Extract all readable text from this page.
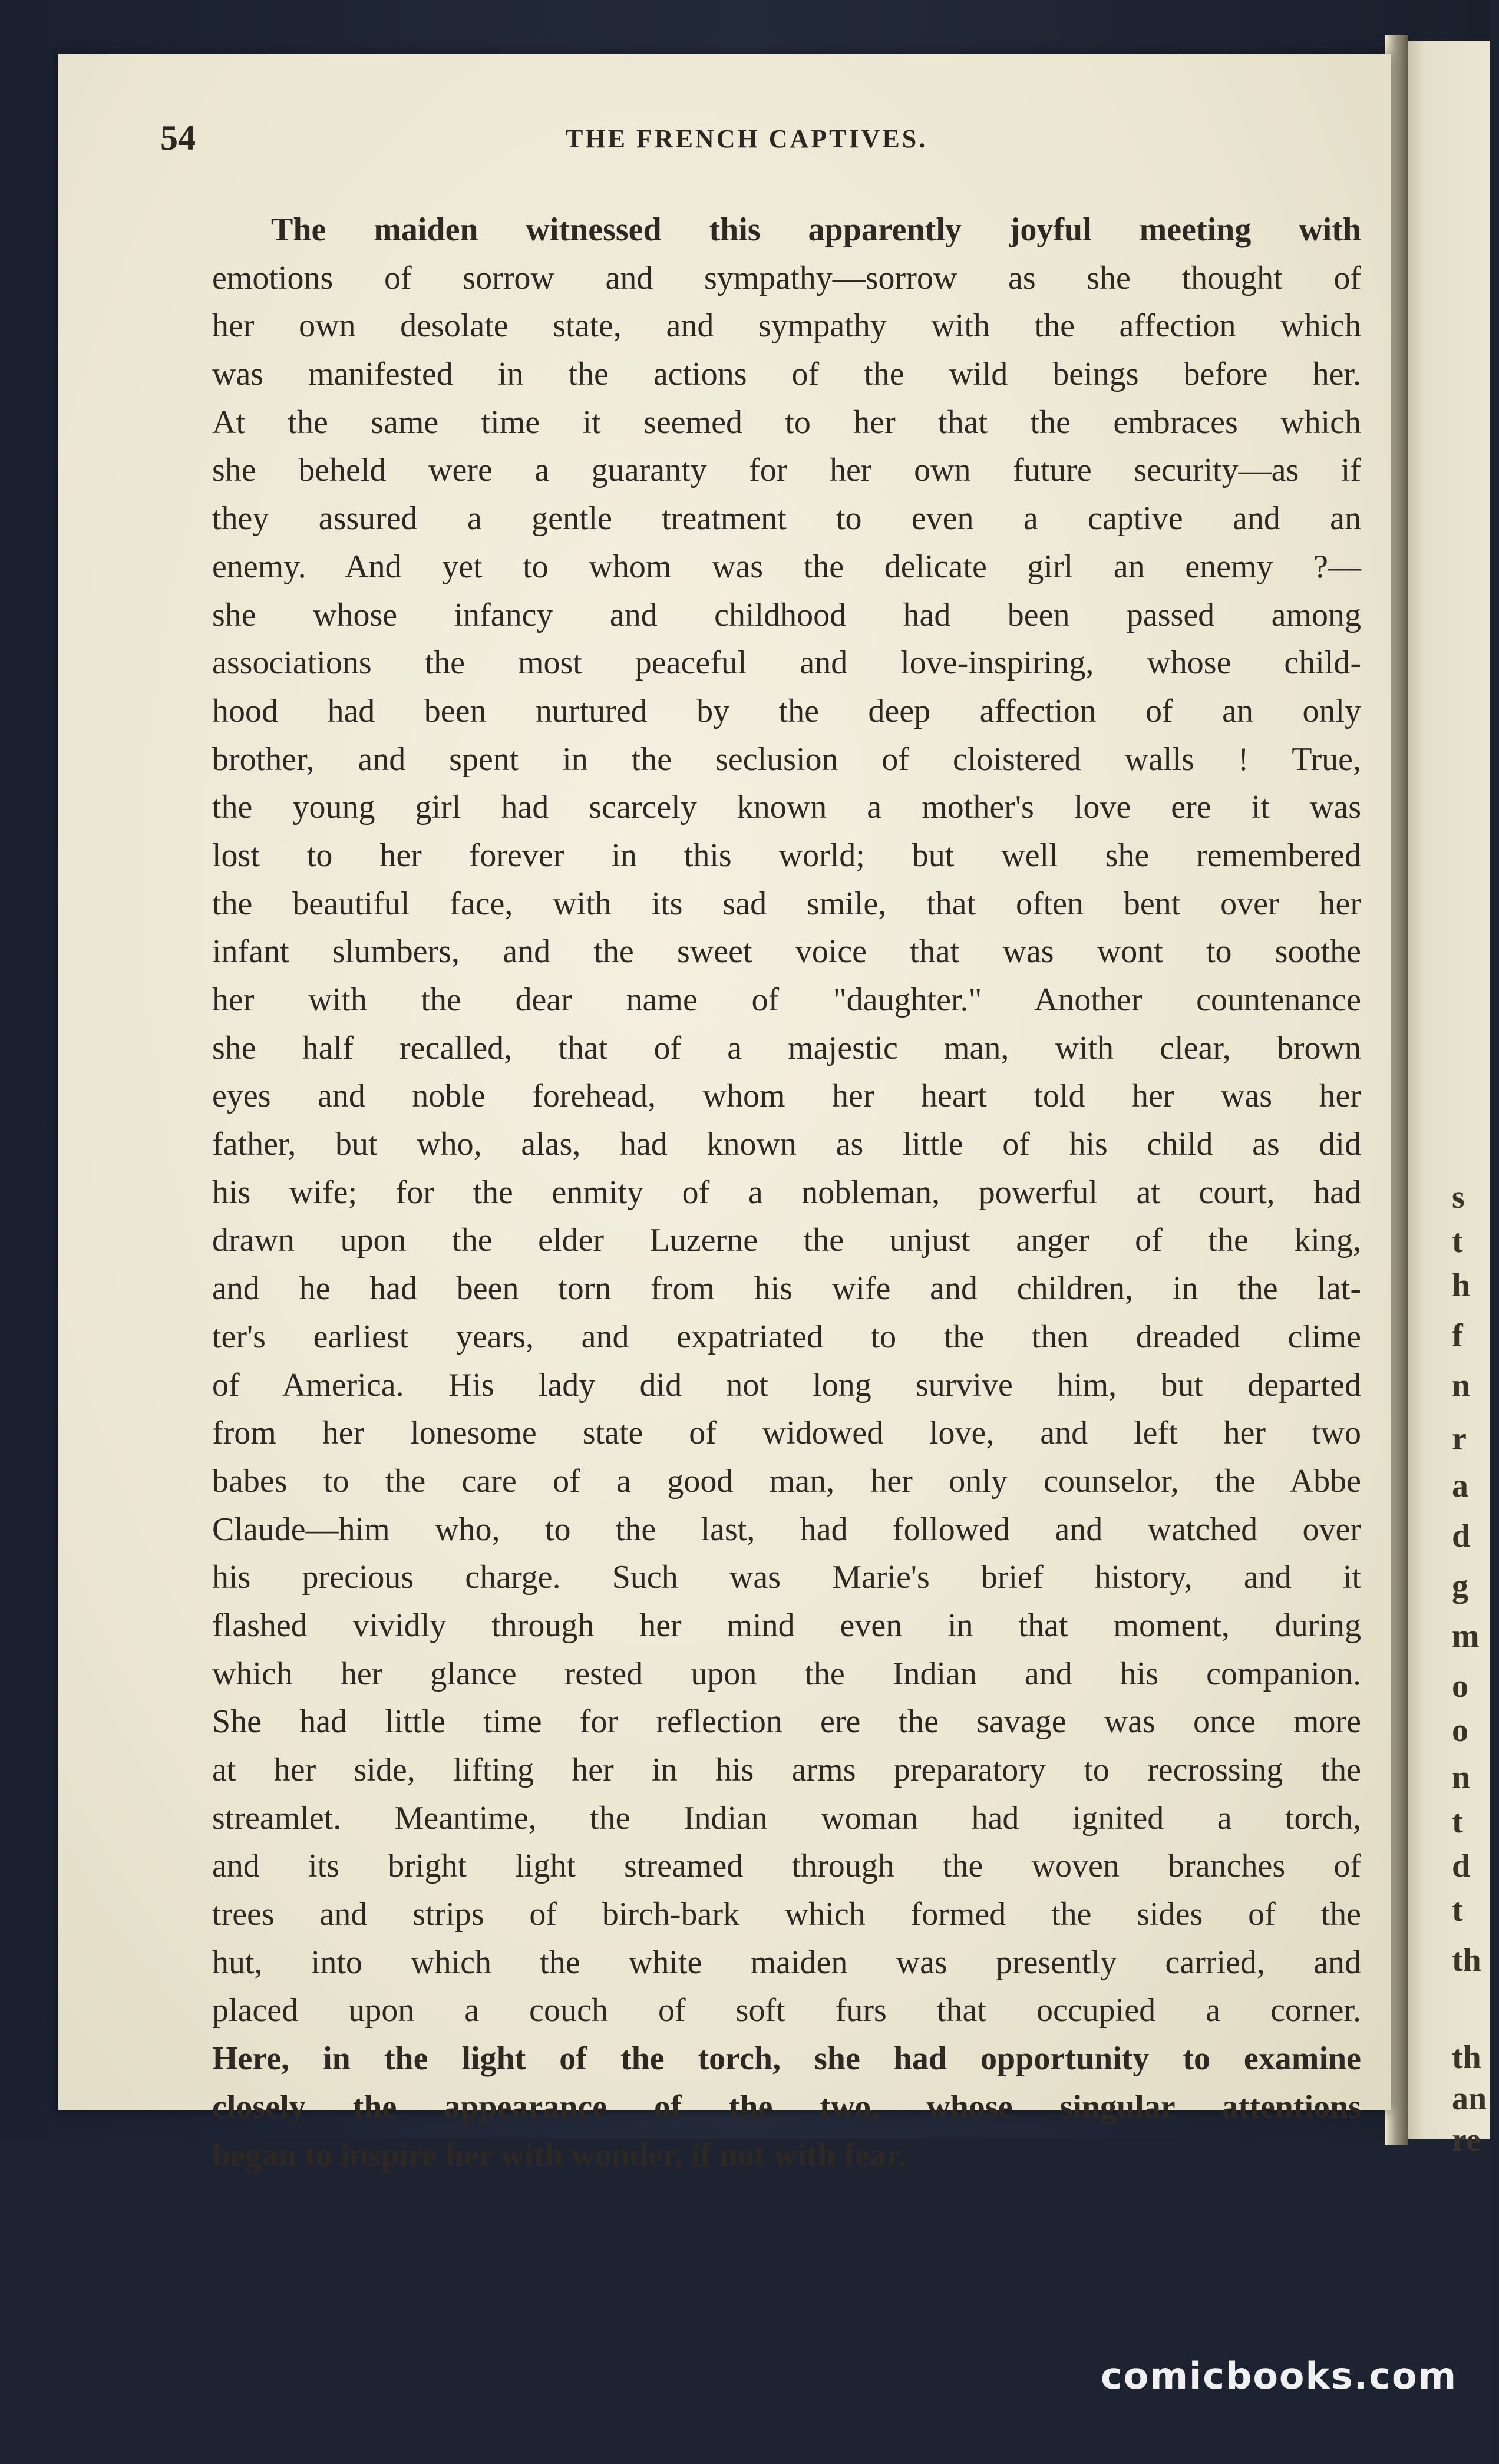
s
t
h
f
n
r
a
d
g
m
o
o
n
t
d
t
th
th
an
re
54	THE FRENCH CAPTIVES.
The maiden witnessed this apparently joyful meeting with
emotions of sorrow and sympathy—sorrow as she thought of
her own desolate state, and sympathy with the affection which
was manifested in the actions of the wild beings before her.
At the same time it seemed to her that the embraces which
she beheld were a guaranty for her own future security—as if
they assured a gentle treatment to even a captive and an
enemy. And yet to whom was the delicate girl an enemy ?—
she whose infancy and childhood had been passed among
associations the most peaceful and love-inspiring, whose child-
hood had been nurtured by the deep affection of an only
brother, and spent in the seclusion of cloistered walls ! True,
the young girl had scarcely known a mother's love ere it was
lost to her forever in this world; but well she remembered
the beautiful face, with its sad smile, that often bent over her
infant slumbers, and the sweet voice that was wont to soothe
her with the dear name of "daughter." Another countenance
she half recalled, that of a majestic man, with clear, brown
eyes and noble forehead, whom her heart told her was her
father, but who, alas, had known as little of his child as did
his wife; for the enmity of a nobleman, powerful at court, had
drawn upon the elder Luzerne the unjust anger of the king,
and he had been torn from his wife and children, in the lat-
ter's earliest years, and expatriated to the then dreaded clime
of America. His lady did not long survive him, but departed
from her lonesome state of widowed love, and left her two
babes to the care of a good man, her only counselor, the Abbe
Claude—him who, to the last, had followed and watched over
his precious charge. Such was Marie's brief history, and it
flashed vividly through her mind even in that moment, during
which her glance rested upon the Indian and his companion.
She had little time for reflection ere the savage was once more
at her side, lifting her in his arms preparatory to recrossing the
streamlet. Meantime, the Indian woman had ignited a torch,
and its bright light streamed through the woven branches of
trees and strips of birch-bark which formed the sides of the
hut, into which the white maiden was presently carried, and
placed upon a couch of soft furs that occupied a corner.
Here, in the light of the torch, she had opportunity to examine
closely the appearance of the two, whose singular attentions
began to inspire her with wonder, if not with fear.
comicbooks.com
